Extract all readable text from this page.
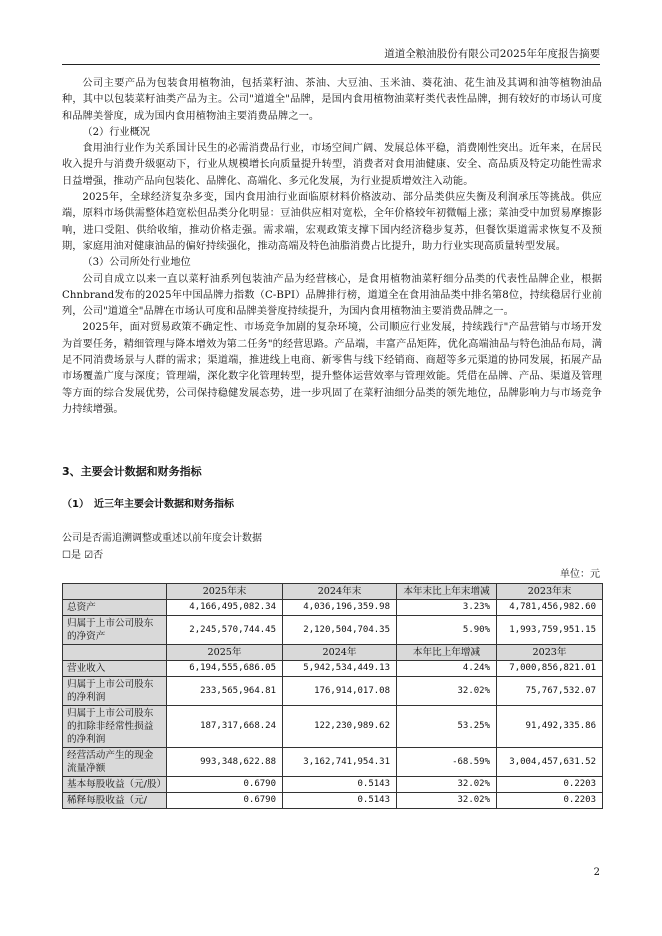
道道全粮油股份有限公司2025年年度报告摘要

公司主要产品为包装食用植物油，包括菜籽油、茶油、大豆油、玉米油、葵花油、花生油及其调和油等植物油品种，其中以包装菜籽油类产品为主。公司"道道全"品牌，是国内食用植物油菜籽类代表性品牌，拥有较好的市场认可度和品牌美誉度，成为国内食用植物油主要消费品牌之一。

（2）行业概况

食用油行业作为关系国计民生的必需消费品行业，市场空间广阔、发展总体平稳，消费刚性突出。近年来，在居民收入提升与消费升级驱动下，行业从规模增长向质量提升转型，消费者对食用油健康、安全、高品质及特定功能性需求日益增强，推动产品向包装化、品牌化、高端化、多元化发展，为行业提质增效注入动能。

2025年，全球经济复杂多变，国内食用油行业面临原材料价格波动、部分品类供应失衡及利润承压等挑战。供应端，原料市场供需整体趋宽松但品类分化明显：豆油供应相对宽松，全年价格较年初微幅上涨；菜油受中加贸易摩擦影响，进口受阻、供给收缩，推动价格走强。需求端，宏观政策支撑下国内经济稳步复苏，但餐饮渠道需求恢复不及预期，家庭用油对健康油品的偏好持续强化，推动高端及特色油脂消费占比提升，助力行业实现高质量转型发展。

（3）公司所处行业地位

公司自成立以来一直以菜籽油系列包装油产品为经营核心，是食用植物油菜籽细分品类的代表性品牌企业，根据Chnbrand发布的2025年中国品牌力指数（C-BPI）品牌排行榜，道道全在食用油品类中排名第8位，持续稳居行业前列，公司"道道全"品牌在市场认可度和品牌美誉度持续提升，为国内食用植物油主要消费品牌之一。

2025年，面对贸易政策不确定性、市场竞争加剧的复杂环境，公司顺应行业发展，持续践行"产品营销与市场开发为首要任务，精细管理与降本增效为第二任务"的经营思路。产品端，丰富产品矩阵，优化高端油品与特色油品布局，满足不同消费场景与人群的需求；渠道端，推进线上电商、新零售与线下经销商、商超等多元渠道的协同发展，拓展产品市场覆盖广度与深度；管理端，深化数字化管理转型，提升整体运营效率与管理效能。凭借在品牌、产品、渠道及管理等方面的综合发展优势，公司保持稳健发展态势，进一步巩固了在菜籽油细分品类的领先地位，品牌影响力与市场竞争力持续增强。

3、主要会计数据和财务指标
（1）　近三年主要会计数据和财务指标
公司是否需追溯调整或重述以前年度会计数据
☐是 ☑否
单位：元
	2025年末	2024年末	本年末比上年末增减	2023年末
总资产	4,166,495,082.34	4,036,196,359.98	3.23%	4,781,456,982.60
归属于上市公司股东的净资产	2,245,570,744.45	2,120,504,704.35	5.90%	1,993,759,951.15
	2025年	2024年	本年比上年增减	2023年
营业收入	6,194,555,686.05	5,942,534,449.13	4.24%	7,000,856,821.01
归属于上市公司股东的净利润	233,565,964.81	176,914,017.08	32.02%	75,767,532.07
归属于上市公司股东的扣除非经常性损益的净利润	187,317,668.24	122,230,989.62	53.25%	91,492,335.86
经营活动产生的现金流量净额	993,348,622.88	3,162,741,954.31	-68.59%	3,004,457,631.52
基本每股收益（元/股）	0.6790	0.5143	32.02%	0.2203
稀释每股收益（元/	0.6790	0.5143	32.02%	0.2203
2
